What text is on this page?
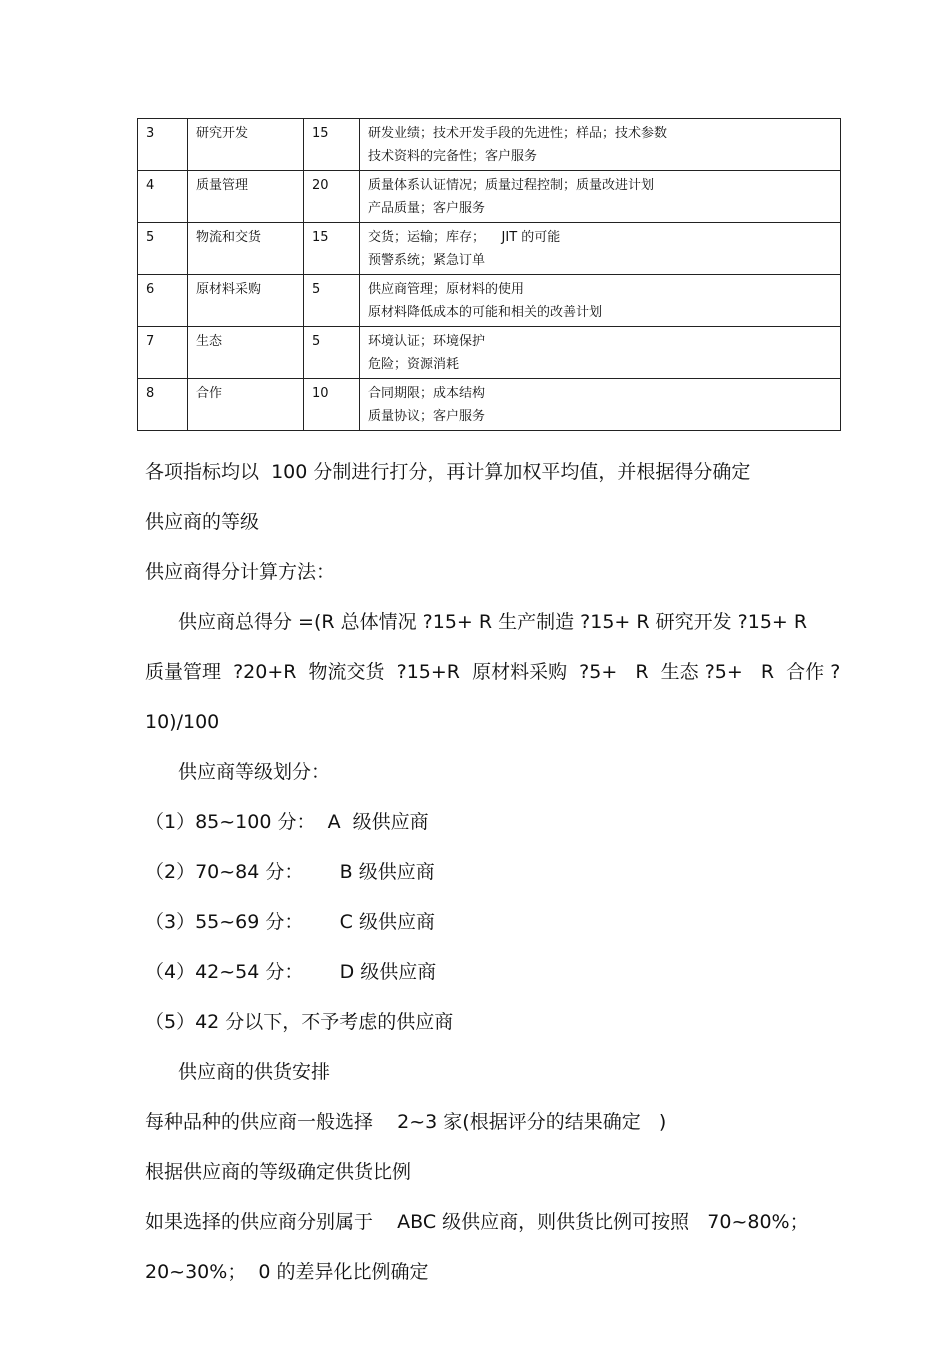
3	研究开发	15	研发业绩；技术开发手段的先进性；样品；技术参数
技术资料的完备性；客户服务

4	质量管理	20	质量体系认证情况；质量过程控制；质量改进计划
产品质量；客户服务

5	物流和交货	15	交货；运输；库存；    JIT 的可能
预警系统；紧急订单

6	原材料采购	5	供应商管理；原材料的使用
原材料降低成本的可能和相关的改善计划

7	生态	5	环境认证；环境保护
危险；资源消耗

8	合作	10	合同期限；成本结构
质量协议；客户服务
各项指标均以  100 分制进行打分，再计算加权平均值，并根据得分确定
供应商的等级
供应商得分计算方法：
供应商总得分 =(R 总体情况 ?15+ R 生产制造 ?15+ R 研究开发 ?15+ R
质量管理  ?20+R  物流交货  ?15+R  原材料采购  ?5+   R  生态 ?5+   R  合作 ?
10)/100
供应商等级划分：
（1）85~100 分：  A  级供应商
（2）70~84 分：      B 级供应商
（3）55~69 分：      C 级供应商
（4）42~54 分：      D 级供应商
（5）42 分以下，不予考虑的供应商
供应商的供货安排
每种品种的供应商一般选择    2~3 家(根据评分的结果确定   )
根据供应商的等级确定供货比例
如果选择的供应商分别属于    ABC 级供应商，则供货比例可按照   70~80%；
20~30%；  0 的差异化比例确定
